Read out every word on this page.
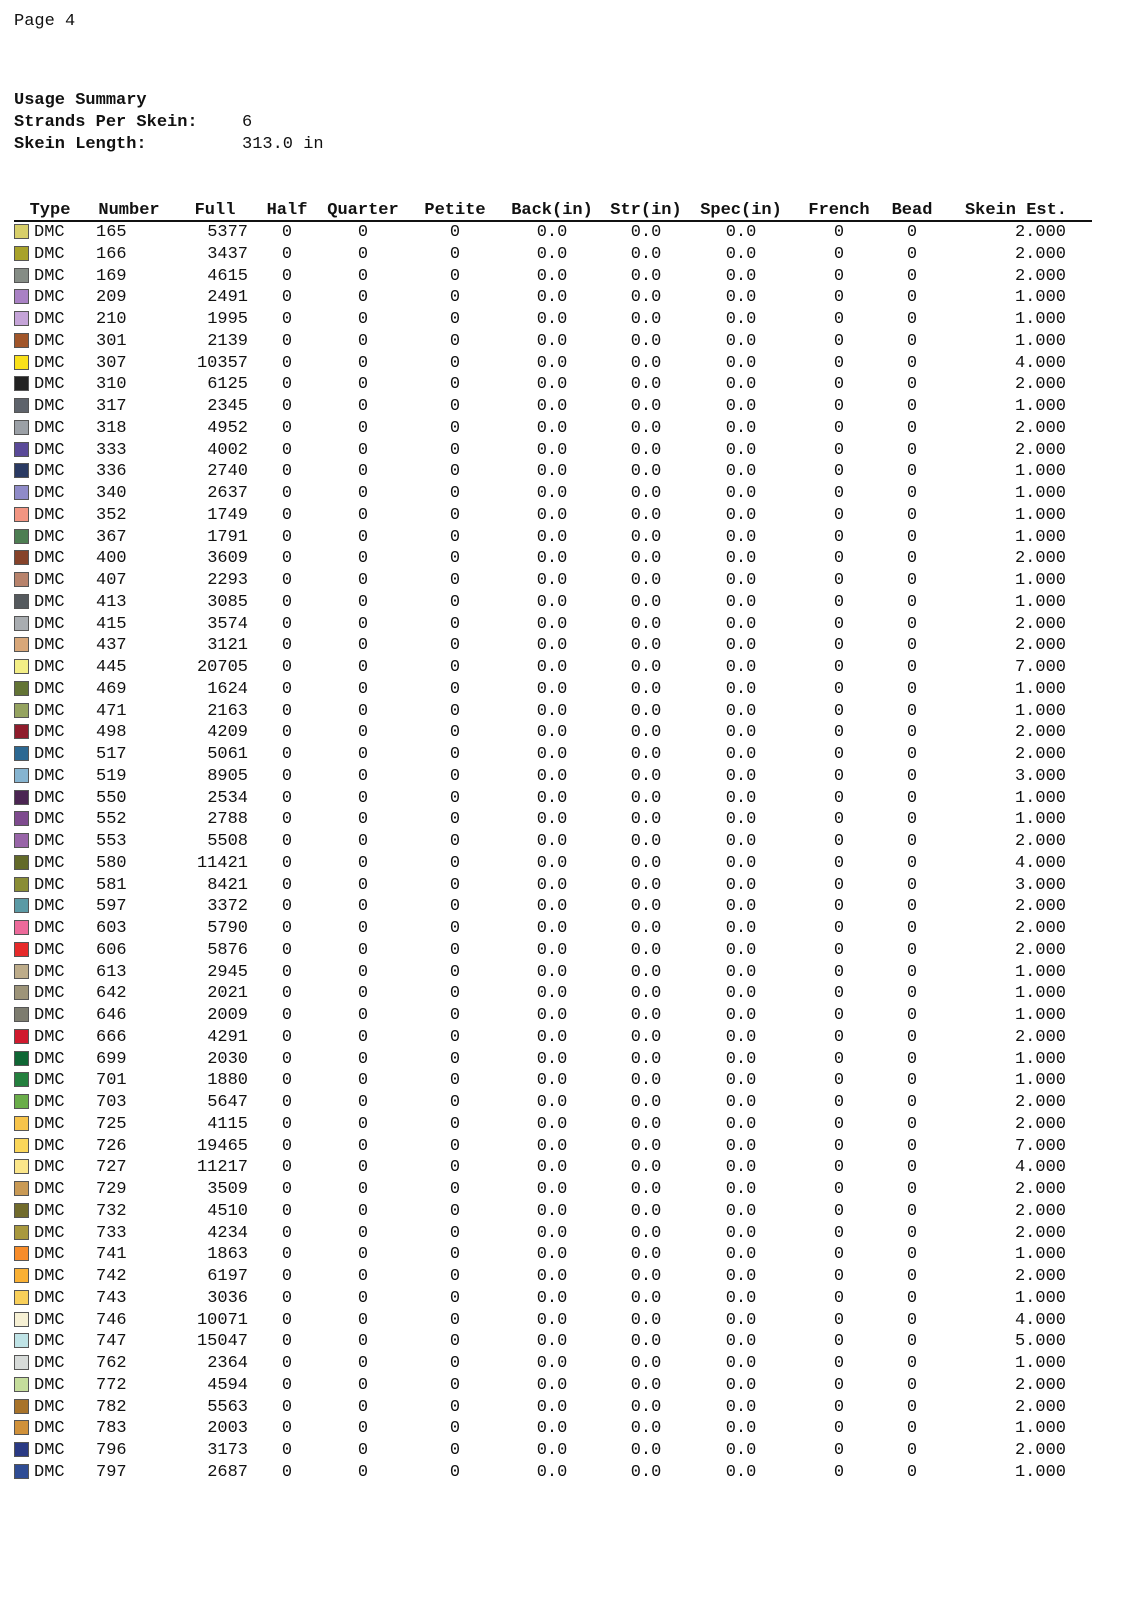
Page 4
Usage Summary
Strands Per Skein:	6
Skein Length:	313.0 in
Type	Number	Full	Half	Quarter	Petite	Back(in)	Str(in)	Spec(in)	French	Bead	Skein Est.
DMC	165	5377	0	0	0	0.0	0.0	0.0	0	0	2.000
DMC	166	3437	0	0	0	0.0	0.0	0.0	0	0	2.000
DMC	169	4615	0	0	0	0.0	0.0	0.0	0	0	2.000
DMC	209	2491	0	0	0	0.0	0.0	0.0	0	0	1.000
DMC	210	1995	0	0	0	0.0	0.0	0.0	0	0	1.000
DMC	301	2139	0	0	0	0.0	0.0	0.0	0	0	1.000
DMC	307	10357	0	0	0	0.0	0.0	0.0	0	0	4.000
DMC	310	6125	0	0	0	0.0	0.0	0.0	0	0	2.000
DMC	317	2345	0	0	0	0.0	0.0	0.0	0	0	1.000
DMC	318	4952	0	0	0	0.0	0.0	0.0	0	0	2.000
DMC	333	4002	0	0	0	0.0	0.0	0.0	0	0	2.000
DMC	336	2740	0	0	0	0.0	0.0	0.0	0	0	1.000
DMC	340	2637	0	0	0	0.0	0.0	0.0	0	0	1.000
DMC	352	1749	0	0	0	0.0	0.0	0.0	0	0	1.000
DMC	367	1791	0	0	0	0.0	0.0	0.0	0	0	1.000
DMC	400	3609	0	0	0	0.0	0.0	0.0	0	0	2.000
DMC	407	2293	0	0	0	0.0	0.0	0.0	0	0	1.000
DMC	413	3085	0	0	0	0.0	0.0	0.0	0	0	1.000
DMC	415	3574	0	0	0	0.0	0.0	0.0	0	0	2.000
DMC	437	3121	0	0	0	0.0	0.0	0.0	0	0	2.000
DMC	445	20705	0	0	0	0.0	0.0	0.0	0	0	7.000
DMC	469	1624	0	0	0	0.0	0.0	0.0	0	0	1.000
DMC	471	2163	0	0	0	0.0	0.0	0.0	0	0	1.000
DMC	498	4209	0	0	0	0.0	0.0	0.0	0	0	2.000
DMC	517	5061	0	0	0	0.0	0.0	0.0	0	0	2.000
DMC	519	8905	0	0	0	0.0	0.0	0.0	0	0	3.000
DMC	550	2534	0	0	0	0.0	0.0	0.0	0	0	1.000
DMC	552	2788	0	0	0	0.0	0.0	0.0	0	0	1.000
DMC	553	5508	0	0	0	0.0	0.0	0.0	0	0	2.000
DMC	580	11421	0	0	0	0.0	0.0	0.0	0	0	4.000
DMC	581	8421	0	0	0	0.0	0.0	0.0	0	0	3.000
DMC	597	3372	0	0	0	0.0	0.0	0.0	0	0	2.000
DMC	603	5790	0	0	0	0.0	0.0	0.0	0	0	2.000
DMC	606	5876	0	0	0	0.0	0.0	0.0	0	0	2.000
DMC	613	2945	0	0	0	0.0	0.0	0.0	0	0	1.000
DMC	642	2021	0	0	0	0.0	0.0	0.0	0	0	1.000
DMC	646	2009	0	0	0	0.0	0.0	0.0	0	0	1.000
DMC	666	4291	0	0	0	0.0	0.0	0.0	0	0	2.000
DMC	699	2030	0	0	0	0.0	0.0	0.0	0	0	1.000
DMC	701	1880	0	0	0	0.0	0.0	0.0	0	0	1.000
DMC	703	5647	0	0	0	0.0	0.0	0.0	0	0	2.000
DMC	725	4115	0	0	0	0.0	0.0	0.0	0	0	2.000
DMC	726	19465	0	0	0	0.0	0.0	0.0	0	0	7.000
DMC	727	11217	0	0	0	0.0	0.0	0.0	0	0	4.000
DMC	729	3509	0	0	0	0.0	0.0	0.0	0	0	2.000
DMC	732	4510	0	0	0	0.0	0.0	0.0	0	0	2.000
DMC	733	4234	0	0	0	0.0	0.0	0.0	0	0	2.000
DMC	741	1863	0	0	0	0.0	0.0	0.0	0	0	1.000
DMC	742	6197	0	0	0	0.0	0.0	0.0	0	0	2.000
DMC	743	3036	0	0	0	0.0	0.0	0.0	0	0	1.000
DMC	746	10071	0	0	0	0.0	0.0	0.0	0	0	4.000
DMC	747	15047	0	0	0	0.0	0.0	0.0	0	0	5.000
DMC	762	2364	0	0	0	0.0	0.0	0.0	0	0	1.000
DMC	772	4594	0	0	0	0.0	0.0	0.0	0	0	2.000
DMC	782	5563	0	0	0	0.0	0.0	0.0	0	0	2.000
DMC	783	2003	0	0	0	0.0	0.0	0.0	0	0	1.000
DMC	796	3173	0	0	0	0.0	0.0	0.0	0	0	2.000
DMC	797	2687	0	0	0	0.0	0.0	0.0	0	0	1.000
